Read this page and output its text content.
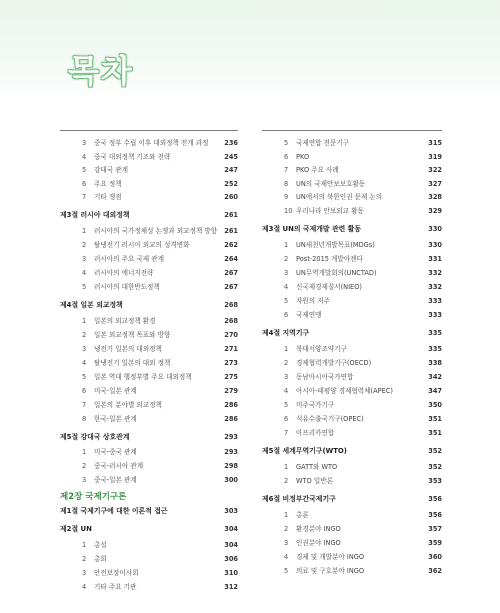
목차
3	중국 정부 수립 이후 대외정책 전개 과정 236
4	중국 대외정책 기조와 전략	245
5	강대국 관계	247
6	주요 정책	252
7	기타 쟁점	260
제3절 러시아 대외정책	261
1	러시아의 국가정체성 논쟁과 외교정책 방향 261
2	탈냉전기 러시아 외교의 성격변화	262
3	러시아의 주요 국제 관계	264
4	러시아의 에너지전략	267
5	러시아의 대한반도정책	267
제4절 일본 외교정책	268
1	일본의 외교정책 환경	268
2	일본 외교정책 목표와 방향	270
3	냉전기 일본의 대외정책	271
4	탈냉전기 일본의 대외 정책	273
5	일본 역대 행정부별 주요 대외정책	275
6	미국-일본 관계	279
7	일본의 분야별 외교정책	286
8	한국-일본 관계	286
제5절 강대국 상호관계	293
1	미국-중국 관계	293
2	중국-러시아 관계	298
3	중국-일본 관계	300
제2장 국제기구론
제1절 국제기구에 대한 이론적 접근	303
제2절 UN	304
1	총설	304
2	총회	306
3	안전보장이사회	310
4	기타 주요 기관	312
5	국제연합 전문기구	315
6	PKO	319
7	PKO 주요 사례	322
8	UN의 국제안보보호활동	327
9	UN에서의 북한인권 문제 논의	328
10 우리나라 안보외교 활동	329
제3절 UN의 국제개발 관련 활동	330
1	UN새천년개발목표(MDGs)	330
2	Post-2015 개발아젠다	331
3	UN무역개발회의(UNCTAD)	332
4	신국제경제질서(NIEO)	332
5	자원의 저주	333
6	국제연맹	333
제4절 지역기구	335
1	북대서양조약기구	335
2	경제협력개발기구(OECD)	338
3	동남아시아국가연합	342
4	아시아-태평양 경제협력체(APEC)	347
5	미주국가기구	350
6	석유수출국기구(OPEC)	351
7	아프리카연합	351
제5절 세계무역기구(WTO)	352
1	GATT와 WTO	352
2	WTO 일반론	353
제6절 비정부간국제기구	356
1	총론	356
2	환경분야 INGO	357
3	인권분야 INGO	359
4	경제 및 개발분야 INGO	360
5	의료 및 구호분야 INGO	362
